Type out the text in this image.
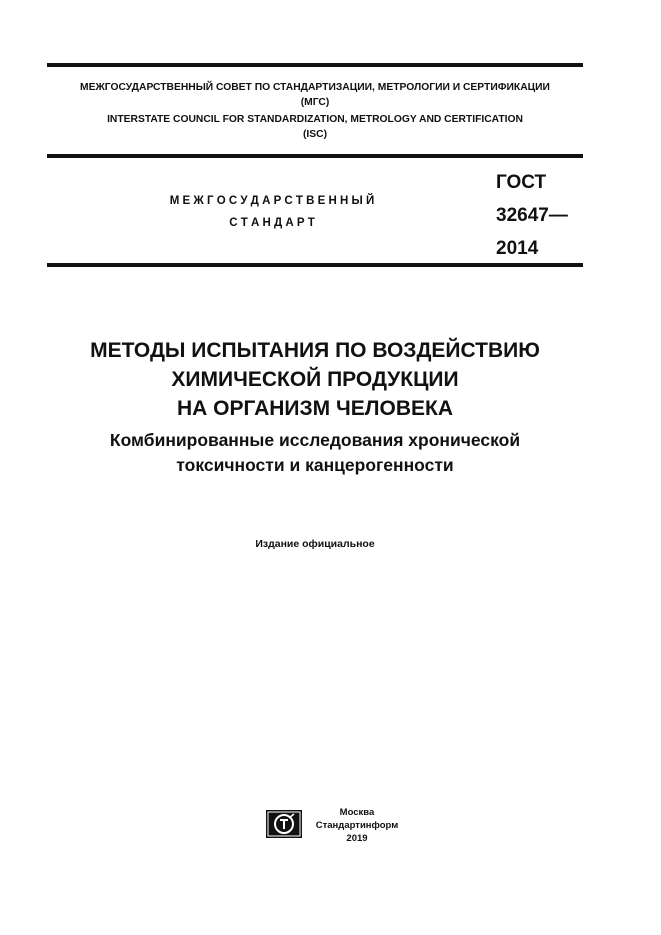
МЕЖГОСУДАРСТВЕННЫЙ СОВЕТ ПО СТАНДАРТИЗАЦИИ, МЕТРОЛОГИИ И СЕРТИФИКАЦИИ
(МГС)
INTERSTATE COUNCIL FOR STANDARDIZATION, METROLOGY AND CERTIFICATION
(ISC)
М Е Ж Г О С У Д А Р С Т В Е Н Н Ы Й
С Т А Н Д А Р Т
ГОСТ
32647—
2014
МЕТОДЫ ИСПЫТАНИЯ ПО ВОЗДЕЙСТВИЮ
ХИМИЧЕСКОЙ ПРОДУКЦИИ
НА ОРГАНИЗМ ЧЕЛОВЕКА
Комбинированные исследования хронической
токсичности и канцерогенности
Издание официальное
Москва
Стандартинформ
2019
